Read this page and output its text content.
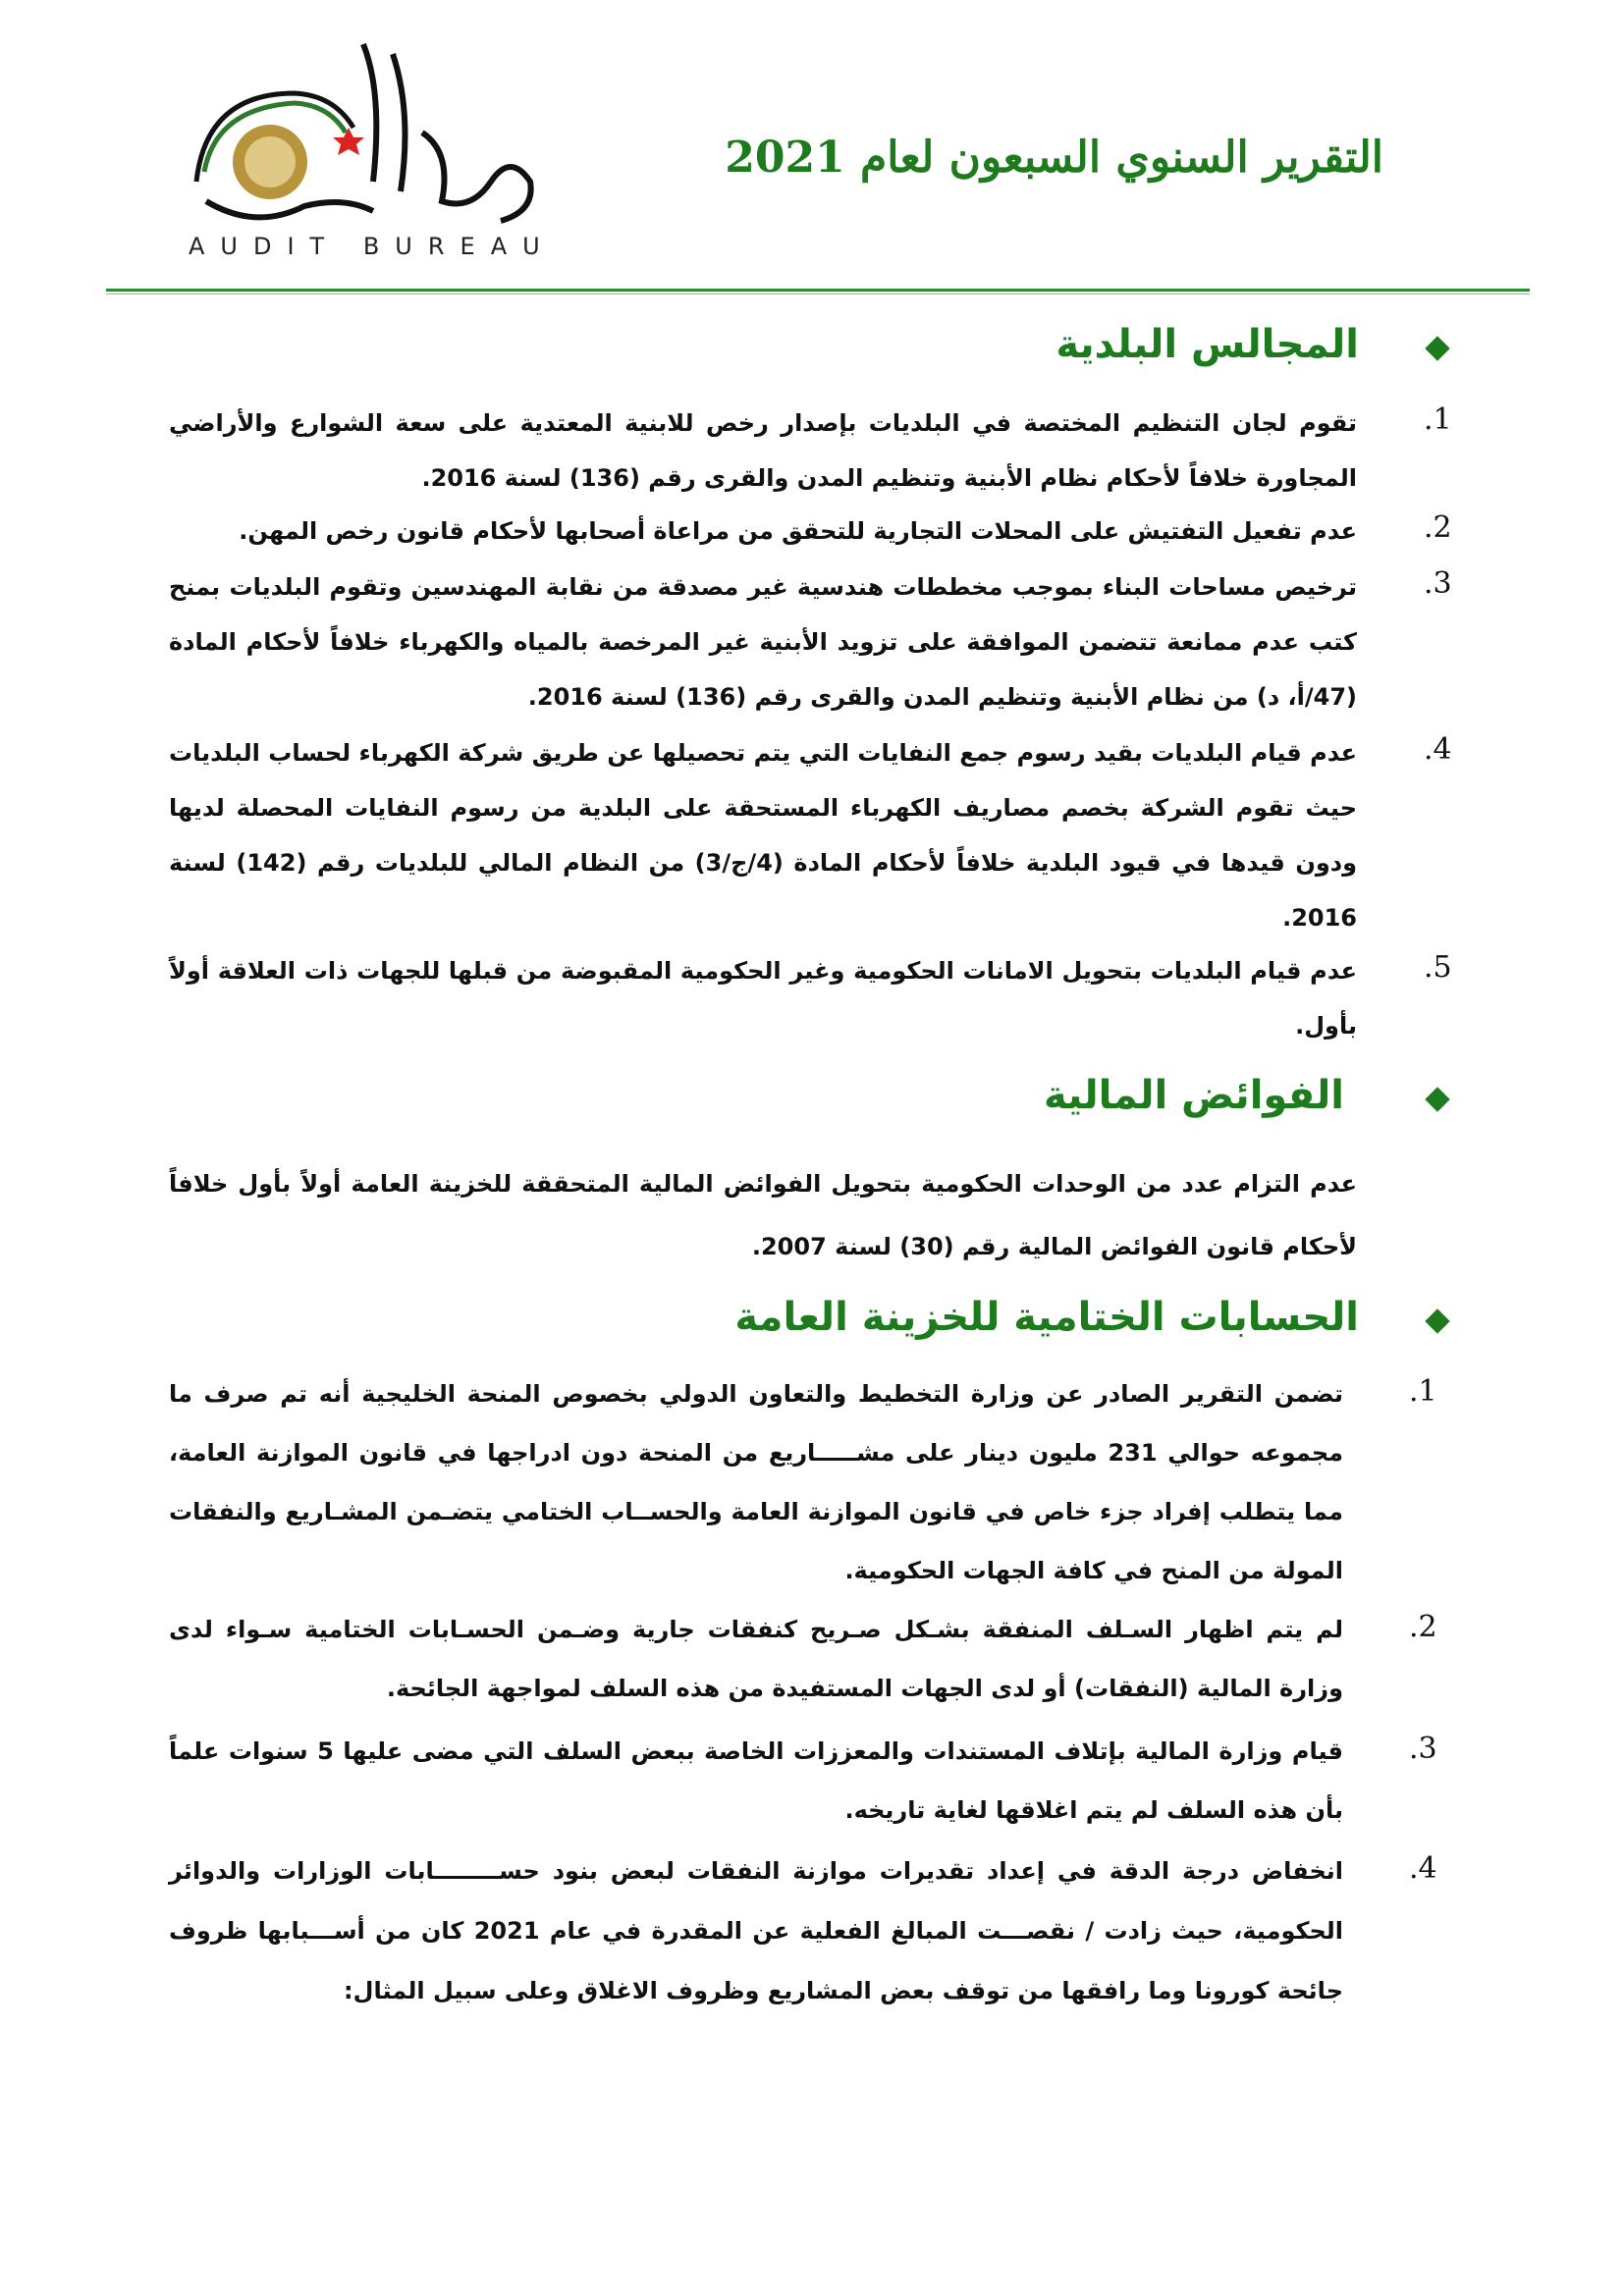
AUDIT BUREAU
التقرير السنوي السبعون لعام 2021
المجالس البلدية
.1
تقوم لجان التنظيم المختصة في البلديات بإصدار رخص للابنية المعتدية على سعة الشوارع والأراضي المجاورة خلافاً لأحكام نظام الأبنية وتنظيم المدن والقرى رقم (136) لسنة 2016.
.2
عدم تفعيل التفتيش على المحلات التجارية للتحقق من مراعاة أصحابها لأحكام قانون رخص المهن.
.3
ترخيص مساحات البناء بموجب مخططات هندسية غير مصدقة من نقابة المهندسين وتقوم البلديات بمنح كتب عدم ممانعة تتضمن الموافقة على تزويد الأبنية غير المرخصة بالمياه والكهرباء خلافاً لأحكام المادة (47/أ، د) من نظام الأبنية وتنظيم المدن والقرى رقم (136) لسنة 2016.
.4
عدم قيام البلديات بقيد رسوم جمع النفايات التي يتم تحصيلها عن طريق شركة الكهرباء لحساب البلديات حيث تقوم الشركة بخصم مصاريف الكهرباء المستحقة على البلدية من رسوم النفايات المحصلة لديها ودون قيدها في قيود البلدية خلافاً لأحكام المادة (4/ج/3) من النظام المالي للبلديات رقم (142) لسنة 2016.
.5
عدم قيام البلديات بتحويل الامانات الحكومية وغير الحكومية المقبوضة من قبلها للجهات ذات العلاقة أولاً بأول.
الفوائض المالية
عدم التزام عدد من الوحدات الحكومية بتحويل الفوائض المالية المتحققة للخزينة العامة أولاً بأول خلافاً لأحكام قانون الفوائض المالية رقم (30) لسنة 2007.
الحسابات الختامية للخزينة العامة
.1
تضمن التقرير الصادر عن وزارة التخطيط والتعاون الدولي بخصوص المنحة الخليجية أنه تم صرف ما مجموعه حوالي 231 مليون دينار على مشـــــاريع من المنحة دون ادراجها في قانون الموازنة العامة، مما يتطلب إفراد جزء خاص في قانون الموازنة العامة والحســاب الختامي يتضـمن المشـاريع والنفقات المولة من المنح في كافة الجهات الحكومية.
.2
لم يتم اظهار السـلف المنفقة بشـكل صـريح كنفقات جارية وضـمن الحسـابات الختامية سـواء لدى وزارة المالية (النفقات) أو لدى الجهات المستفيدة من هذه السلف لمواجهة الجائحة.
.3
قيام وزارة المالية بإتلاف المستندات والمعززات الخاصة ببعض السلف التي مضى عليها 5 سنوات علماً بأن هذه السلف لم يتم اغلاقها لغاية تاريخه.
.4
انخفاض درجة الدقة في إعداد تقديرات موازنة النفقات لبعض بنود حســــــــابات الوزارات والدوائر الحكومية، حيث زادت / نقصـــت المبالغ الفعلية عن المقدرة في عام 2021 كان من أســـبابها ظروف جائحة كورونا وما رافقها من توقف بعض المشاريع وظروف الاغلاق وعلى سبيل المثال:
